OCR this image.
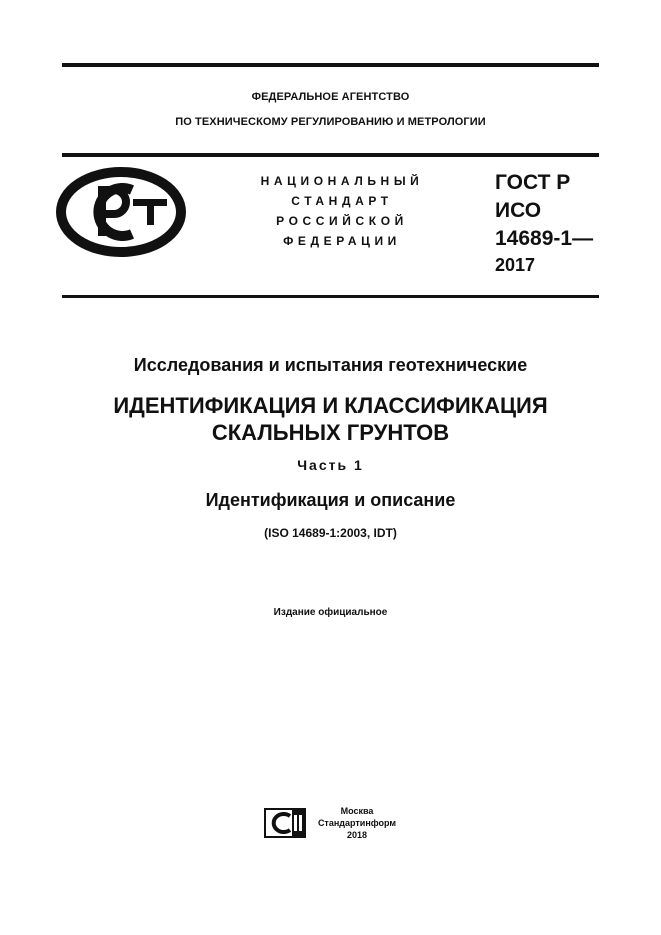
ФЕДЕРАЛЬНОЕ АГЕНТСТВО
ПО ТЕХНИЧЕСКОМУ РЕГУЛИРОВАНИЮ И МЕТРОЛОГИИ
НАЦИОНАЛЬНЫЙ
СТАНДАРТ
РОССИЙСКОЙ
ФЕДЕРАЦИИ
ГОСТ Р
ИСО
14689-1—
2017
Исследования и испытания геотехнические
ИДЕНТИФИКАЦИЯ И КЛАССИФИКАЦИЯ
СКАЛЬНЫХ ГРУНТОВ
Часть 1
Идентификация и описание
(ISO 14689-1:2003, IDT)
Издание официальное
Москва
Стандартинформ
2018
